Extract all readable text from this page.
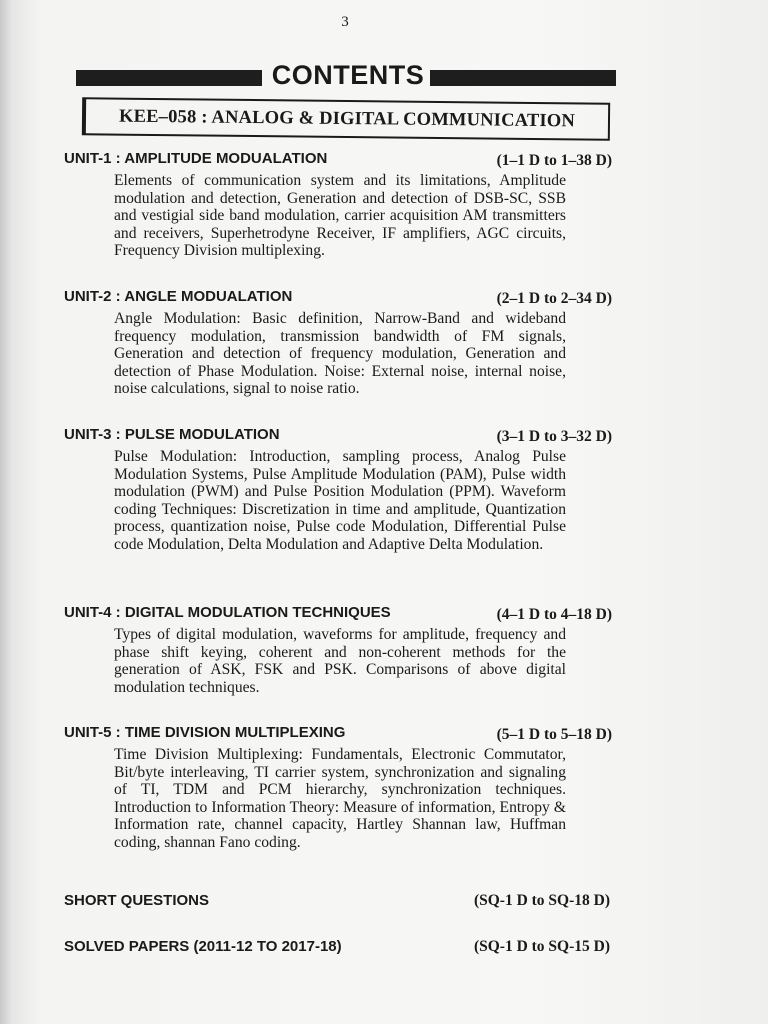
3
CONTENTS
KEE–058 : ANALOG & DIGITAL COMMUNICATION
UNIT-1 : AMPLITUDE MODUALATION	(1–1 D to 1–38 D)
Elements of communication system and its limitations, Amplitude modulation and detection, Generation and detection of DSB-SC, SSB and vestigial side band modulation, carrier acquisition AM transmitters and receivers, Superhetrodyne Receiver, IF amplifiers, AGC circuits, Frequency Division multiplexing.
UNIT-2 : ANGLE MODUALATION	(2–1 D to 2–34 D)
Angle Modulation: Basic definition, Narrow-Band and wideband frequency modulation, transmission bandwidth of FM signals, Generation and detection of frequency modulation, Generation and detection of Phase Modulation. Noise: External noise, internal noise, noise calculations, signal to noise ratio.
UNIT-3 : PULSE MODULATION	(3–1 D to 3–32 D)
Pulse Modulation: Introduction, sampling process, Analog Pulse Modulation Systems, Pulse Amplitude Modulation (PAM), Pulse width modulation (PWM) and Pulse Position Modulation (PPM). Waveform coding Techniques: Discretization in time and amplitude, Quantization process, quantization noise, Pulse code Modulation, Differential Pulse code Modulation, Delta Modulation and Adaptive Delta Modulation.
UNIT-4 : DIGITAL MODULATION TECHNIQUES	(4–1 D to 4–18 D)
Types of digital modulation, waveforms for amplitude, frequency and phase shift keying, coherent and non-coherent methods for the generation of ASK, FSK and PSK. Comparisons of above digital modulation techniques.
UNIT-5 : TIME DIVISION MULTIPLEXING	(5–1 D to 5–18 D)
Time Division Multiplexing: Fundamentals, Electronic Commutator, Bit/byte interleaving, TI carrier system, synchronization and signaling of TI, TDM and PCM hierarchy, synchronization techniques. Introduction to Information Theory: Measure of information, Entropy & Information rate, channel capacity, Hartley Shannan law, Huffman coding, shannan Fano coding.
SHORT QUESTIONS	(SQ-1 D to SQ-18 D)
SOLVED PAPERS (2011-12 TO 2017-18)	(SQ-1 D to SQ-15 D)
